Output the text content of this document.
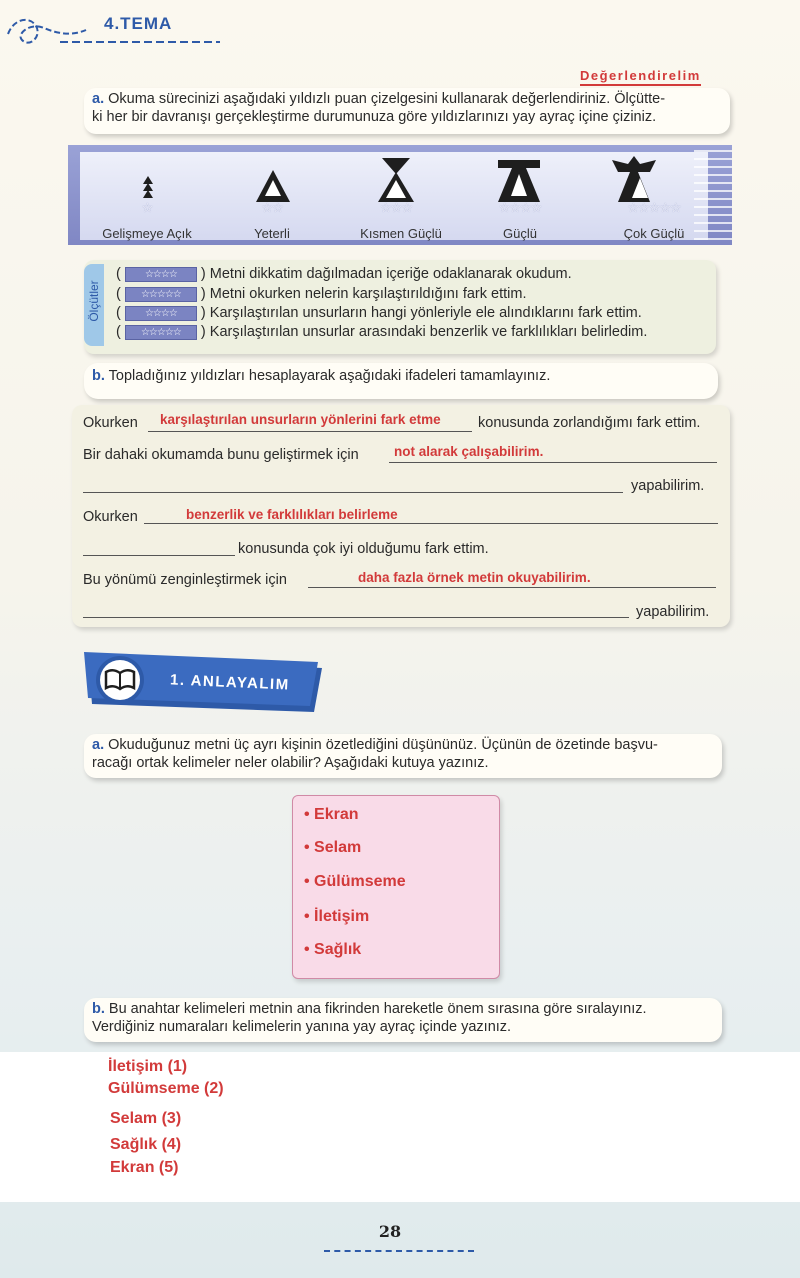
4.TEMA
Değerlendirelim
a. Okuma sürecinizi aşağıdaki yıldızlı puan çizelgesini kullanarak değerlendiriniz. Ölçütte-
ki her bir davranışı gerçekleştirme durumunuza göre yıldızlarınızı yay ayraç içine çiziniz.
☆	☆☆	☆☆☆	☆☆☆☆	☆☆☆☆☆
Gelişmeye Açık	Yeterli	Kısmen Güçlü	Güçlü	Çok Güçlü
Ölçütler
( ☆☆☆☆ ) Metni dikkatim dağılmadan içeriğe odaklanarak okudum.
( ☆☆☆☆☆ ) Metni okurken nelerin karşılaştırıldığını fark ettim.
( ☆☆☆☆ ) Karşılaştırılan unsurların hangi yönleriyle ele alındıklarını fark ettim.
( ☆☆☆☆☆ ) Karşılaştırılan unsurlar arasındaki benzerlik ve farklılıkları belirledim.
b. Topladığınız yıldızları hesaplayarak aşağıdaki ifadeleri tamamlayınız.
Okurken karşılaştırılan unsurların yönlerini fark etme	konusunda zorlandığımı fark ettim.
Bir dahaki okumamda bunu geliştirmek için	not alarak çalışabilirim.
yapabilirim.
Okurken	benzerlik ve farklılıkları belirleme
konusunda çok iyi olduğumu fark ettim.
Bu yönümü zenginleştirmek için	daha fazla örnek metin okuyabilirim.
yapabilirim.
1. ANLAYALIM
a. Okuduğunuz metni üç ayrı kişinin özetlediğini düşününüz. Üçünün de özetinde başvu-
racağı ortak kelimeler neler olabilir? Aşağıdaki kutuya yazınız.
• Ekran
• Selam
• Gülümseme
• İletişim
• Sağlık
b. Bu anahtar kelimeleri metnin ana fikrinden hareketle önem sırasına göre sıralayınız.
Verdiğiniz numaraları kelimelerin yanına yay ayraç içinde yazınız.
İletişim (1)
Gülümseme (2)
Selam (3)
Sağlık (4)
Ekran (5)
28
